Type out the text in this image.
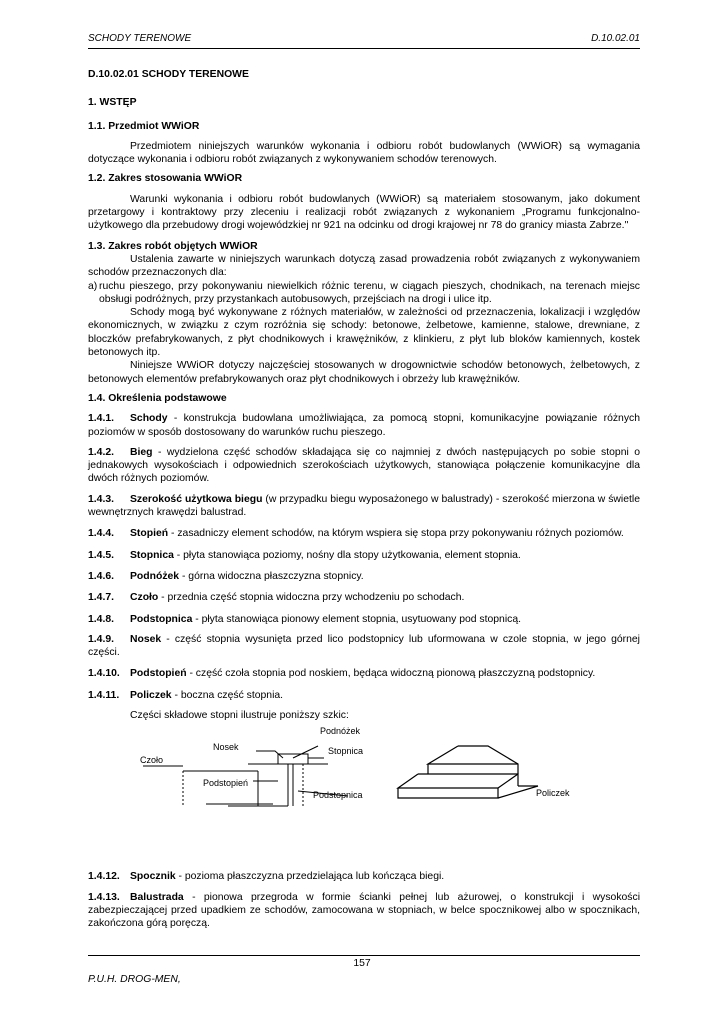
SCHODY TERENOWE	D.10.02.01

D.10.02.01 SCHODY TERENOWE

1. WSTĘP

1.1. Przedmiot WWiOR

Przedmiotem niniejszych warunków wykonania i odbioru robót budowlanych (WWiOR) są wymagania dotyczące wykonania i odbioru robót związanych z wykonywaniem schodów terenowych.

1.2. Zakres stosowania WWiOR

Warunki wykonania i odbioru robót budowlanych (WWiOR) są materiałem stosowanym, jako dokument przetargowy i kontraktowy przy zleceniu i realizacji robót związanych z wykonaniem „Programu funkcjonalno-użytkowego dla przebudowy drogi wojewódzkiej nr 921 na odcinku od drogi krajowej nr 78 do granicy miasta Zabrze."

1.3. Zakres robót objętych WWiOR

Ustalenia zawarte w niniejszych warunkach dotyczą zasad prowadzenia robót związanych z wykonywaniem schodów przeznaczonych dla:

a) ruchu pieszego, przy pokonywaniu niewielkich różnic terenu, w ciągach pieszych, chodnikach, na terenach miejsc obsługi podróżnych, przy przystankach autobusowych, przejściach na drogi i ulice itp.

Schody mogą być wykonywane z różnych materiałów, w zależności od przeznaczenia, lokalizacji i względów ekonomicznych, w związku z czym rozróżnia się schody: betonowe, żelbetowe, kamienne, stalowe, drewniane, z bloczków prefabrykowanych, z płyt chodnikowych i krawężników, z klinkieru, z płyt lub bloków kamiennych, kostek betonowych itp.

Niniejsze WWiOR dotyczy najczęściej stosowanych w drogownictwie schodów betonowych, żelbetowych, z betonowych elementów prefabrykowanych oraz płyt chodnikowych i obrzeży lub krawężników.

1.4. Określenia podstawowe

1.4.1. Schody - konstrukcja budowlana umożliwiająca, za pomocą stopni, komunikacyjne powiązanie różnych poziomów w sposób dostosowany do warunków ruchu pieszego.

1.4.2. Bieg - wydzielona część schodów składająca się co najmniej z dwóch następujących po sobie stopni o jednakowych wysokościach i odpowiednich szerokościach użytkowych, stanowiąca połączenie komunikacyjne dla dwóch różnych poziomów.

1.4.3. Szerokość użytkowa biegu (w przypadku biegu wyposażonego w balustrady) - szerokość mierzona w świetle wewnętrznych krawędzi balustrad.

1.4.4. Stopień - zasadniczy element schodów, na którym wspiera się stopa przy pokonywaniu różnych poziomów.

1.4.5. Stopnica - płyta stanowiąca poziomy, nośny dla stopy użytkowania, element stopnia.

1.4.6. Podnóżek - górna widoczna płaszczyzna stopnicy.

1.4.7. Czoło - przednia część stopnia widoczna przy wchodzeniu po schodach.

1.4.8. Podstopnica - płyta stanowiąca pionowy element stopnia, usytuowany pod stopnicą.

1.4.9. Nosek - część stopnia wysunięta przed lico podstopnicy lub uformowana w czole stopnia, w jego górnej części.

1.4.10. Podstopień - część czoła stopnia pod noskiem, będąca widoczną pionową płaszczyzną podstopnicy.

1.4.11. Policzek - boczna część stopnia.

Części składowe stopni ilustruje poniższy szkic:

Nosek
Podnóżek
Stopnica
Czoło
Podstopień
Podstopnica	Policzek

1.4.12. Spocznik - pozioma płaszczyzna przedzielająca lub kończąca biegi.

1.4.13. Balustrada - pionowa przegroda w formie ścianki pełnej lub ażurowej, o konstrukcji i wysokości zabezpieczającej przed upadkiem ze schodów, zamocowana w stopniach, w belce spocznikowej albo w spocznikach, zakończona górą poręczą.

157
P.U.H. DROG-MEN,
